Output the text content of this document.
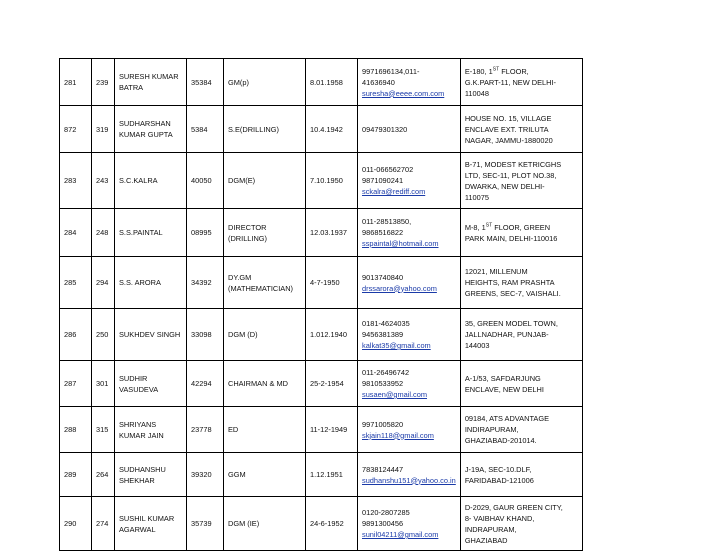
281	239	SURESH KUMAR
BATRA	35384	GM(p)	8.01.1958	9971696134,011-
41636940
suresha@eeee.com.com	E-180, 1ST FLOOR,
G.K.PART-11, NEW DELHI-
110048

872	319	SUDHARSHAN
KUMAR GUPTA	5384	S.E(DRILLING)	10.4.1942	09479301320	HOUSE NO. 15, VILLAGE
ENCLAVE EXT. TRILUTA
NAGAR, JAMMU-1880020

283	243	S.C.KALRA	40050	DGM(E)	7.10.1950	011-066562702
9871090241
sckalra@rediff.com	B-71, MODEST KETRICGHS
LTD, SEC-11, PLOT NO.38,
DWARKA, NEW DELHI-
110075

284	248	S.S.PAINTAL	08995	DIRECTOR
(DRILLING)	12.03.1937	011-28513850,
9868516822
sspaintal@hotmail.com	M-8, 1ST FLOOR, GREEN
PARK MAIN, DELHI-110016

285	294	S.S. ARORA	34392	DY.GM
(MATHEMATICIAN)	4-7-1950	9013740840
drssarora@yahoo.com	12021, MILLENUM
HEIGHTS, RAM PRASHTA
GREENS, SEC-7, VAISHALI.

286	250	SUKHDEV SINGH	33098	DGM (D)	1.012.1940	0181-4624035
9456381389
kalkat35@gmail.com	35, GREEN MODEL TOWN,
JALLNADHAR, PUNJAB-
144003

287	301	SUDHIR
VASUDEVA	42294	CHAIRMAN & MD	25-2-1954	011-26496742
9810533952
susaen@gmail.com	A-1/53, SAFDARJUNG
ENCLAVE, NEW DELHI

288	315	SHRIYANS
KUMAR JAIN	23778	ED	11-12-1949	9971005820
skjain118@gmail.com	09184, ATS ADVANTAGE
INDIRAPURAM,
GHAZIABAD-201014.

289	264	SUDHANSHU
SHEKHAR	39320	GGM	1.12.1951	7838124447
sudhanshu151@yahoo.co.in	J-19A, SEC-10.DLF,
FARIDABAD-121006

290	274	SUSHIL KUMAR
AGARWAL	35739	DGM (IE)	24-6-1952	0120-2807285
9891300456
sunil04211@gmail.com	D-2029, GAUR GREEN CITY,
8- VAIBHAV KHAND,
INDRAPURAM,
GHAZIABAD
